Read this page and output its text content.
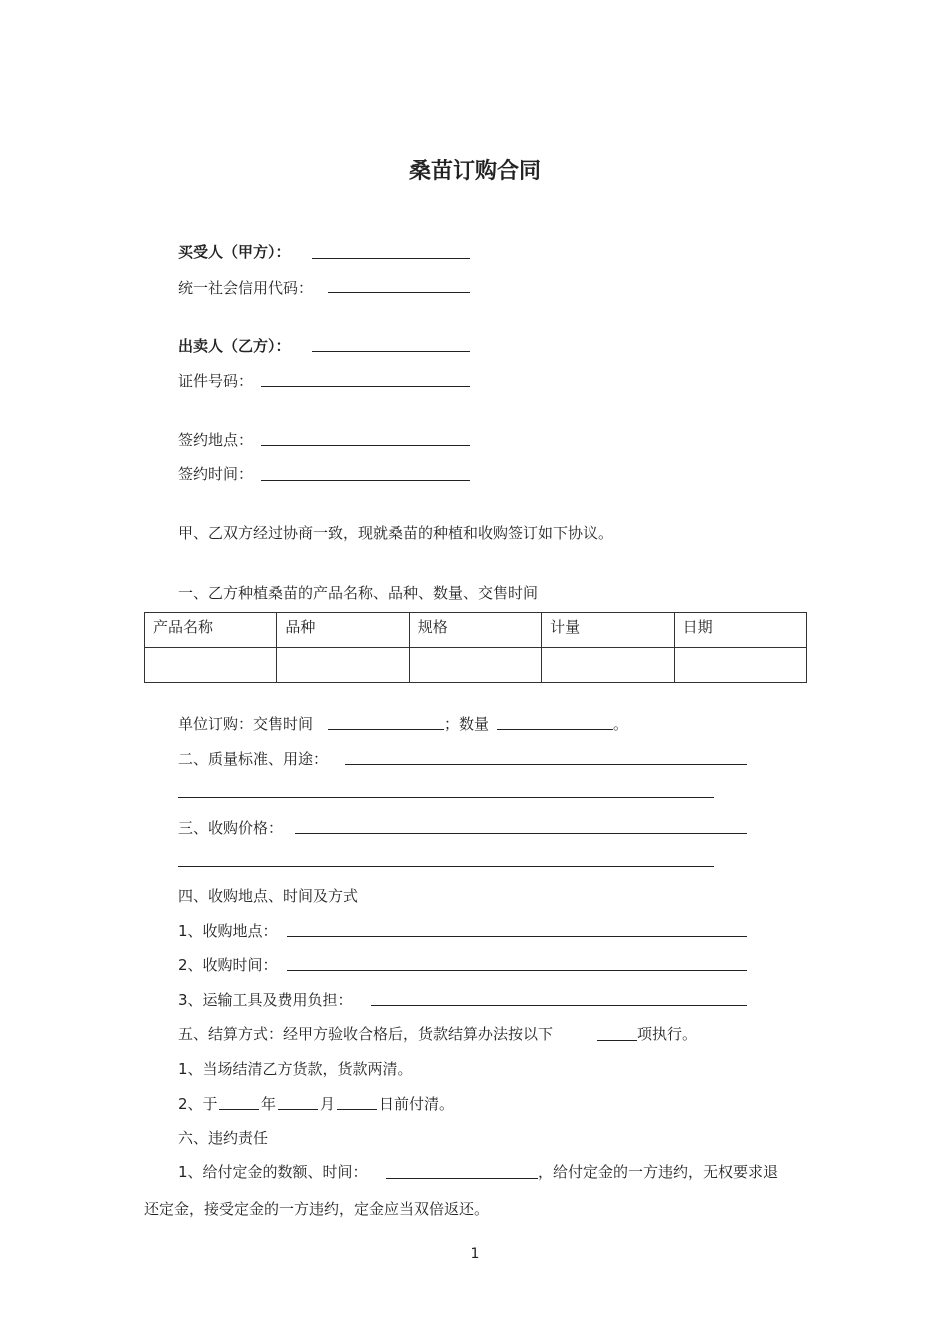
桑苗订购合同
买受人（甲方）：
统一社会信用代码：
出卖人（乙方）：
证件号码：
签约地点：
签约时间：
甲、乙双方经过协商一致，现就桑苗的种植和收购签订如下协议。
一、乙方种植桑苗的产品名称、品种、数量、交售时间
产品名称	品种	规格	计量	日期

单位订购：交售时间	；数量	。
二、质量标准、用途：
三、收购价格：
四、收购地点、时间及方式
1、收购地点：
2、收购时间：
3、运输工具及费用负担：
五、结算方式：经甲方验收合格后，货款结算办法按以下	项执行。
1、当场结清乙方货款，货款两清。
2、于	年	月	日前付清。
六、违约责任
1、给付定金的数额、时间：	，给付定金的一方违约，无权要求退
还定金，接受定金的一方违约，定金应当双倍返还。
1
